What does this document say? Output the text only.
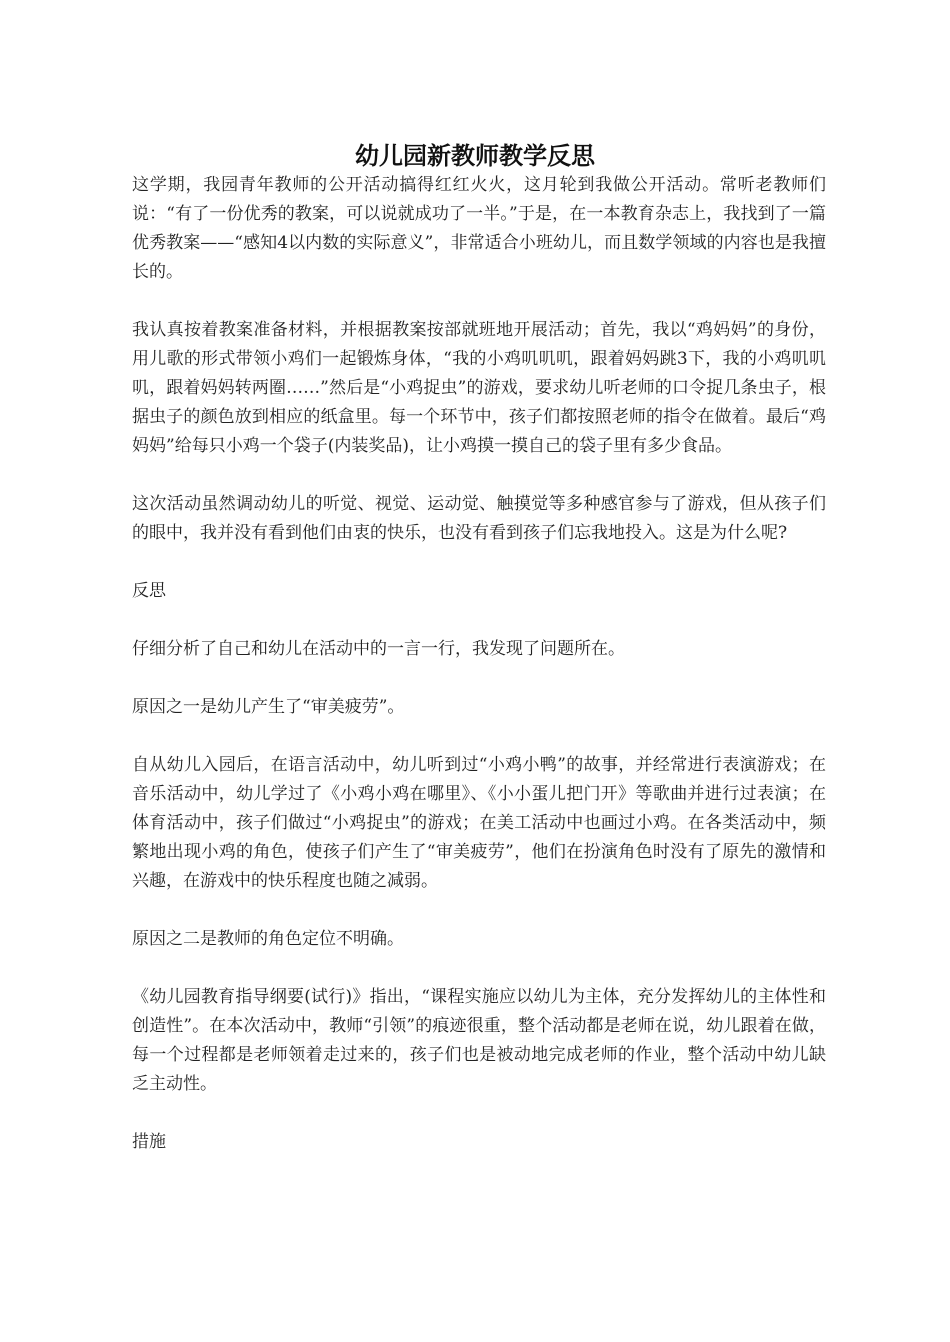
幼儿园新教师教学反思

这学期，我园青年教师的公开活动搞得红红火火，这月轮到我做公开活动。常听老教师们说：“有了一份优秀的教案，可以说就成功了一半。”于是，在一本教育杂志上，我找到了一篇优秀教案——“感知4以内数的实际意义”，非常适合小班幼儿，而且数学领域的内容也是我擅长的。

我认真按着教案准备材料，并根据教案按部就班地开展活动；首先，我以“鸡妈妈”的身份，用儿歌的形式带领小鸡们一起锻炼身体，“我的小鸡叽叽叽，跟着妈妈跳3下，我的小鸡叽叽叽，跟着妈妈转两圈……”然后是“小鸡捉虫”的游戏，要求幼儿听老师的口令捉几条虫子，根据虫子的颜色放到相应的纸盒里。每一个环节中，孩子们都按照老师的指令在做着。最后“鸡妈妈”给每只小鸡一个袋子(内装奖品)，让小鸡摸一摸自己的袋子里有多少食品。

这次活动虽然调动幼儿的听觉、视觉、运动觉、触摸觉等多种感官参与了游戏，但从孩子们的眼中，我并没有看到他们由衷的快乐，也没有看到孩子们忘我地投入。这是为什么呢?

反思

仔细分析了自己和幼儿在活动中的一言一行，我发现了问题所在。

原因之一是幼儿产生了“审美疲劳”。

自从幼儿入园后，在语言活动中，幼儿听到过“小鸡小鸭”的故事，并经常进行表演游戏；在音乐活动中，幼儿学过了《小鸡小鸡在哪里》、《小小蛋儿把门开》等歌曲并进行过表演；在体育活动中，孩子们做过“小鸡捉虫”的游戏；在美工活动中也画过小鸡。在各类活动中，频繁地出现小鸡的角色，使孩子们产生了“审美疲劳”，他们在扮演角色时没有了原先的激情和兴趣，在游戏中的快乐程度也随之减弱。

原因之二是教师的角色定位不明确。

《幼儿园教育指导纲要(试行)》指出，“课程实施应以幼儿为主体，充分发挥幼儿的主体性和创造性”。在本次活动中，教师“引领”的痕迹很重，整个活动都是老师在说，幼儿跟着在做，每一个过程都是老师领着走过来的，孩子们也是被动地完成老师的作业，整个活动中幼儿缺乏主动性。

措施
